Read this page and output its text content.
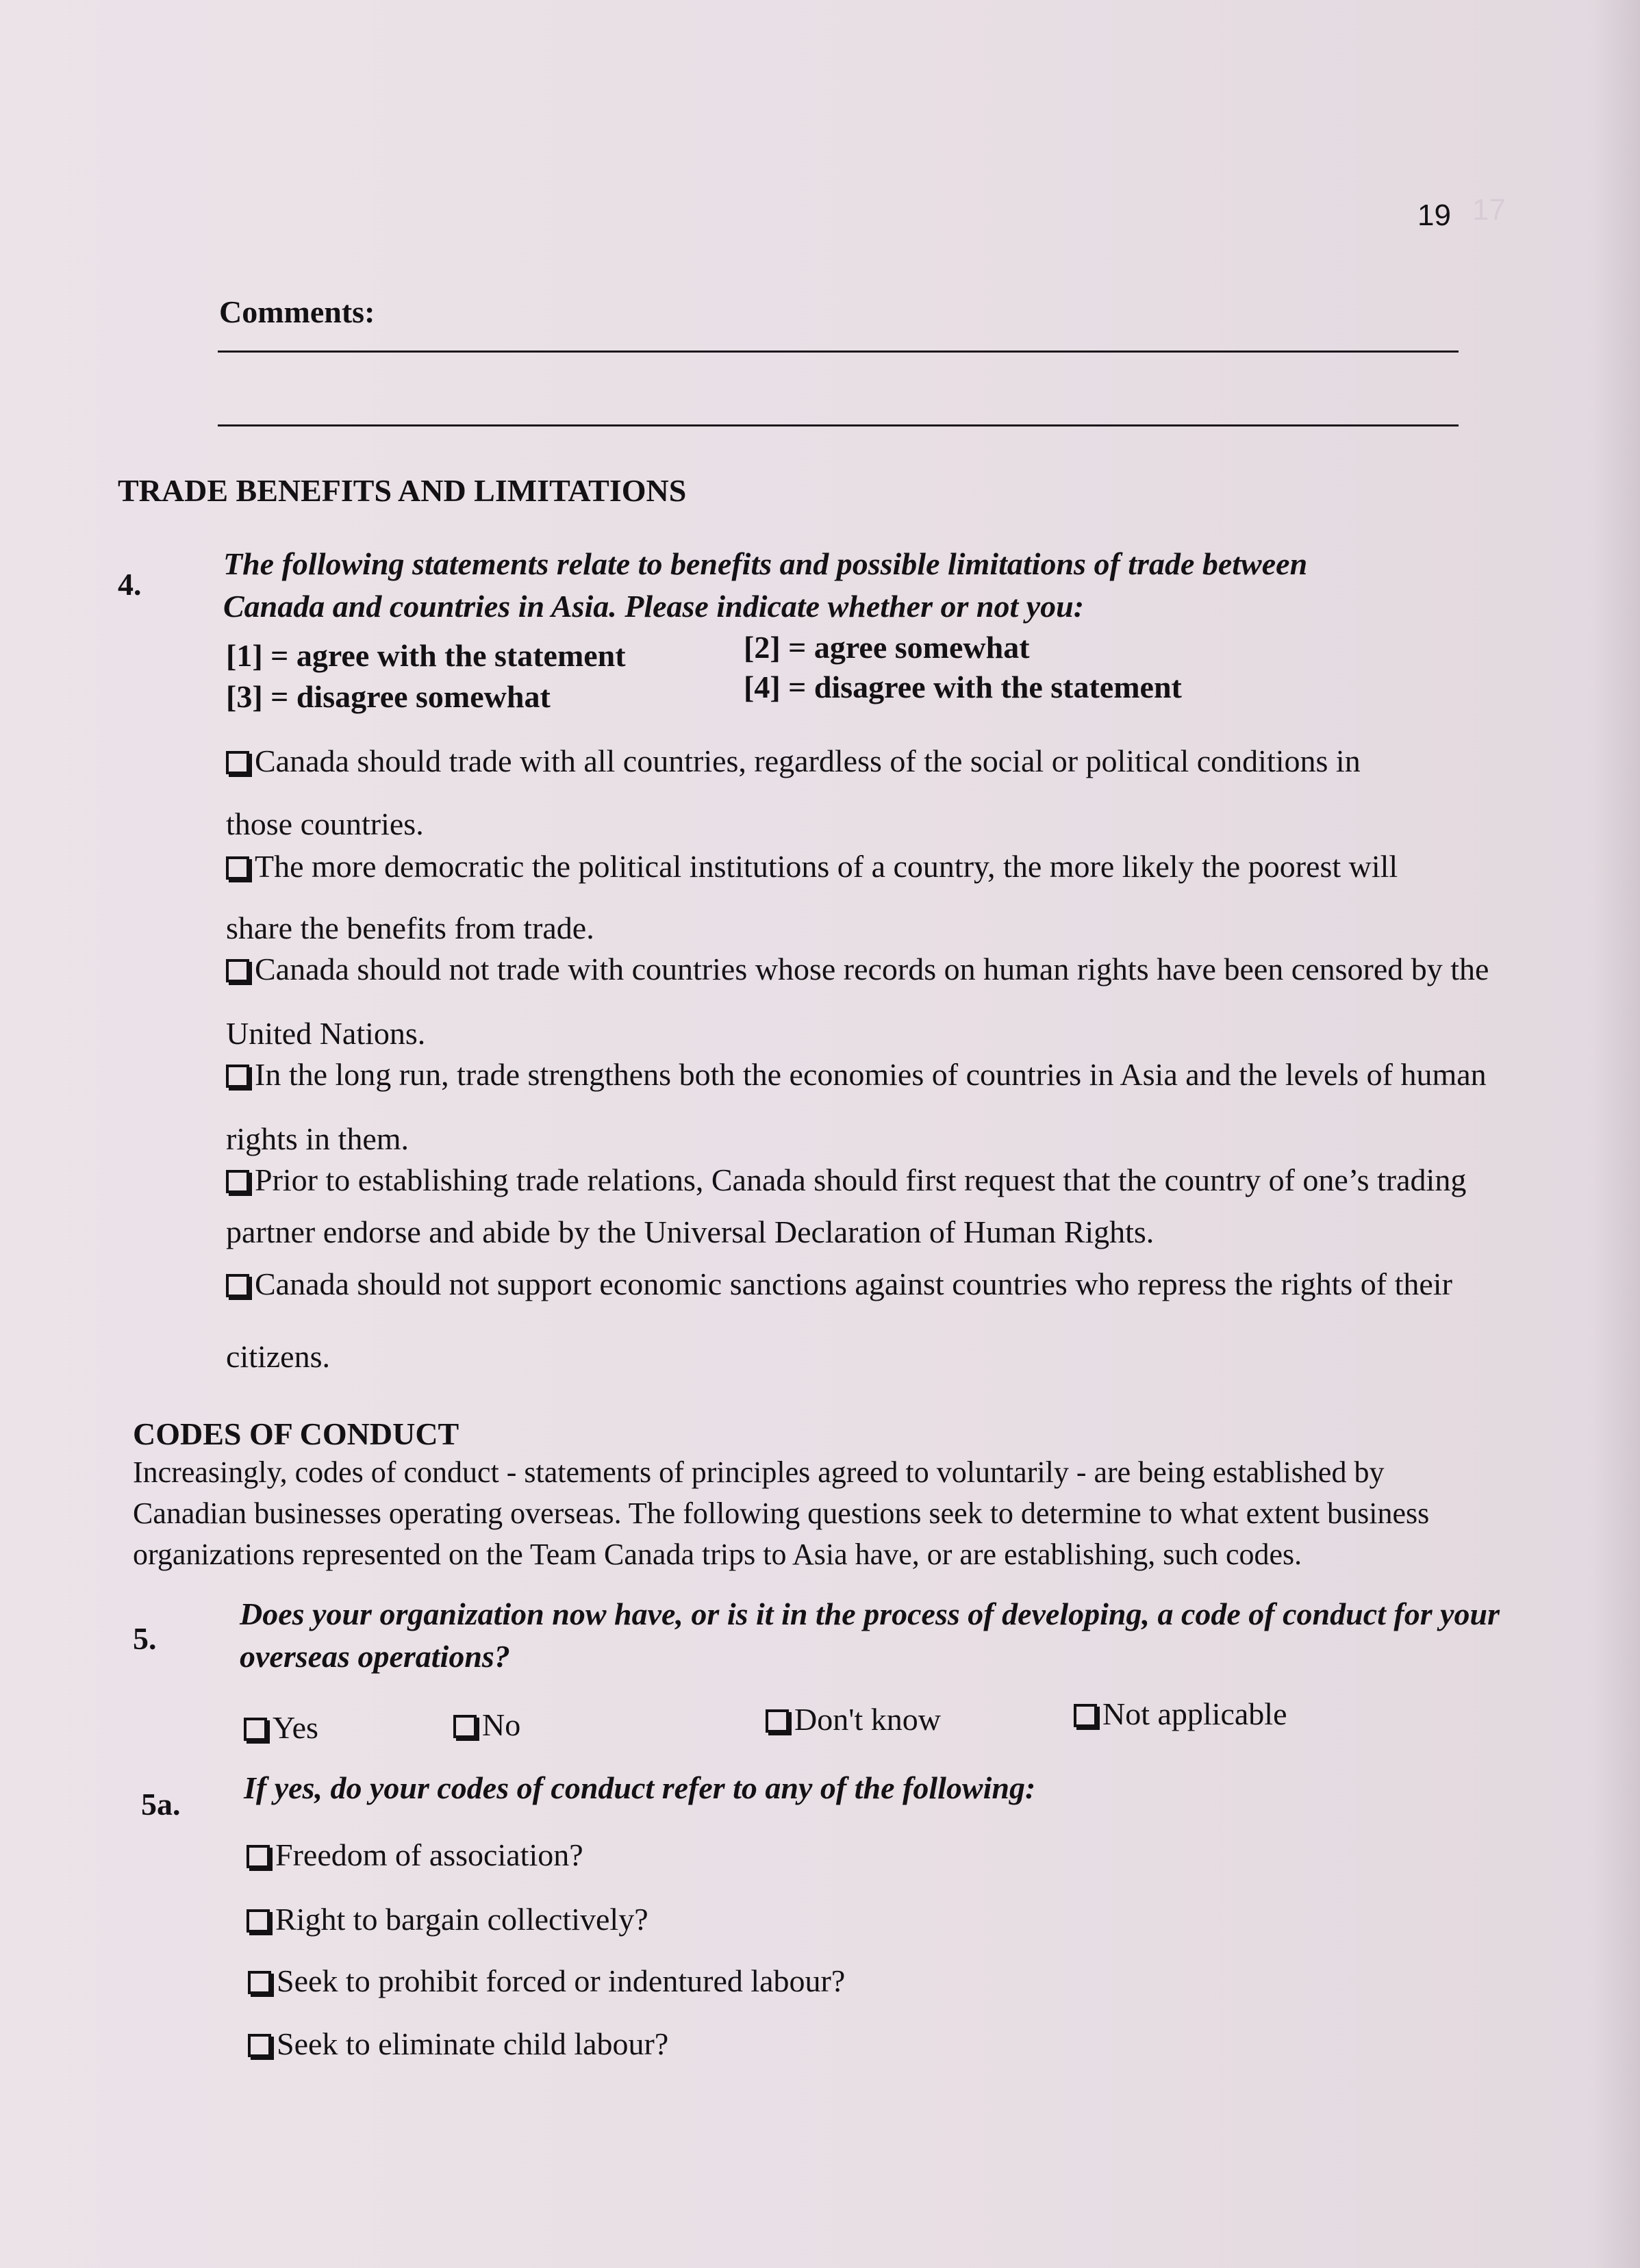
17
19
Comments:
TRADE BENEFITS AND LIMITATIONS
4.
The following statements relate to benefits and possible limitations of trade between
Canada and countries in Asia. Please indicate whether or not you:
[1] = agree with the statement	[2] = agree somewhat
[3] = disagree somewhat	[4] = disagree with the statement
Canada should trade with all countries, regardless of the social or political conditions in
those countries.
The more democratic the political institutions of a country, the more likely the poorest will
share the benefits from trade.
Canada should not trade with countries whose records on human rights have been censored by the
United Nations.
In the long run, trade strengthens both the economies of countries in Asia and the levels of human
rights in them.
Prior to establishing trade relations, Canada should first request that the country of one’s trading
partner endorse and abide by the Universal Declaration of Human Rights.
Canada should not support economic sanctions against countries who repress the rights of their
citizens.
CODES OF CONDUCT
Increasingly, codes of conduct - statements of principles agreed to voluntarily - are being established by
Canadian businesses operating overseas. The following questions seek to determine to what extent business
organizations represented on the Team Canada trips to Asia have, or are establishing, such codes.
5.
Does your organization now have, or is it in the process of developing, a code of conduct for your
overseas operations?
Yes	No	Don't know	Not applicable
5a. If yes, do your codes of conduct refer to any of the following:
Freedom of association?
Right to bargain collectively?
Seek to prohibit forced or indentured labour?
Seek to eliminate child labour?
